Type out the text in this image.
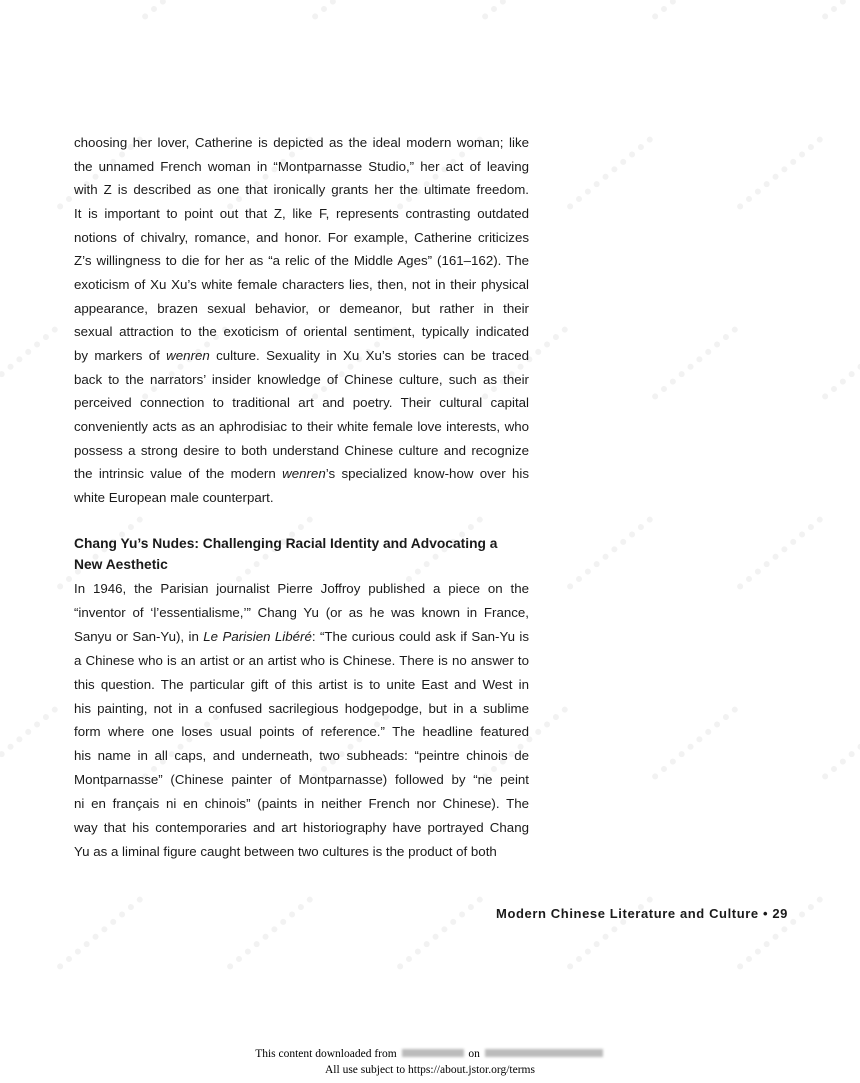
choosing her lover, Catherine is depicted as the ideal modern woman; like
the unnamed French woman in “Montparnasse Studio,” her act of leaving
with Z is described as one that ironically grants her the ultimate freedom.
It is important to point out that Z, like F, represents contrasting outdated
notions of chivalry, romance, and honor. For example, Catherine criticizes
Z’s willingness to die for her as “a relic of the Middle Ages” (161–162). The
exoticism of Xu Xu’s white female characters lies, then, not in their physical
appearance, brazen sexual behavior, or demeanor, but rather in their
sexual attraction to the exoticism of oriental sentiment, typically indicated
by markers of wenren culture. Sexuality in Xu Xu’s stories can be traced
back to the narrators’ insider knowledge of Chinese culture, such as their
perceived connection to traditional art and poetry. Their cultural capital
conveniently acts as an aphrodisiac to their white female love interests, who
possess a strong desire to both understand Chinese culture and recognize
the intrinsic value of the modern wenren’s specialized know-how over his
white European male counterpart.
In 1946, the Parisian journalist Pierre Joffroy published a piece on the
“inventor of ‘l’essentialisme,’” Chang Yu (or as he was known in France,
Sanyu or San-Yu), in Le Parisien Libéré: “The curious could ask if San-Yu is
a Chinese who is an artist or an artist who is Chinese. There is no answer to
this question. The particular gift of this artist is to unite East and West in
his painting, not in a confused sacrilegious hodgepodge, but in a sublime
form where one loses usual points of reference.” The headline featured
his name in all caps, and underneath, two subheads: “peintre chinois de
Montparnasse” (Chinese painter of Montparnasse) followed by “ne peint
ni en français ni en chinois” (paints in neither French nor Chinese). The
way that his contemporaries and art historiography have portrayed Chang
Yu as a liminal figure caught between two cultures is the product of both
Chang Yu’s Nudes: Challenging Racial Identity and Advocating a
New Aesthetic
Modern Chinese Literature and Culture • 29
This content downloaded from	on
All use subject to https://about.jstor.org/terms
